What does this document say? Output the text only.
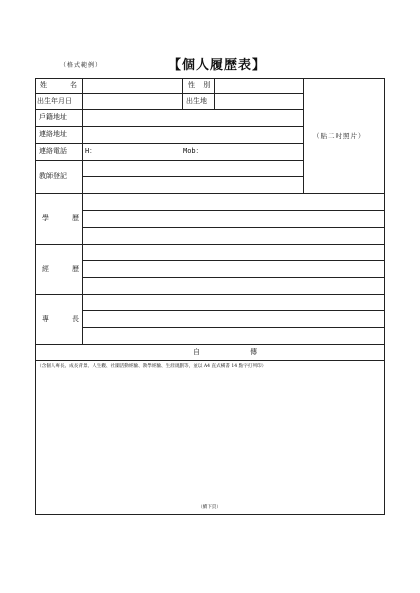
（格式範例）	【個人履歷表】
姓　　名	性 別
出生年月日	出生地
戶籍地址
連絡地址
連絡電話	H：	Mob：
教師登記
（貼二吋照片）
學　　歷
經　　歷
專　　長
自　　傳
（含個人專長、成長背景、人生觀、社團活動經驗、教學經驗、生涯規劃等，並以 A4 直式橫書 14 點字打列印）
（續下頁）
